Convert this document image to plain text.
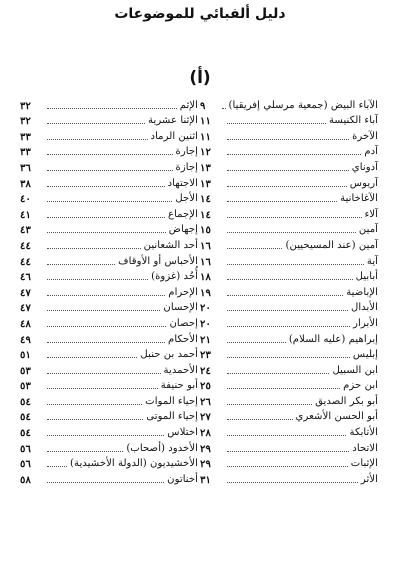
دليل ألفبائي للموضوعات
(أ)
الآباء البيض (جمعية مرسلي إفريقيا)
٩
آباء الكنيسة
١١
الآخرة
١١
آدم
١٢
آدوناي
١٣
آريوس
١٣
الآغاخانية
١٤
آلاء
١٤
آمين
١٥
آمين (عند المسيحيين)
١٦
آية
١٦
أبابيل
١٨
الإباضية
١٩
الأبدال
٢٠
الأبرار
٢٠
إبراهيم (عليه السلام)
٢١
إبليس
٢٣
ابن السبيل
٢٤
ابن حزم
٢٥
أبو بكر الصديق
٢٦
أبو الحسن الأشعري
٢٧
الأتابكة
٢٨
الاتحاد
٢٩
الإثبات
٢٩
الأثر
٣١
الإثم
٣٢
الإثنا عشرية
٣٢
اثنين الرماد
٣٣
إجارة
٣٣
إجازة
٣٦
الاجتهاد
٣٨
الأجل
٤٠
الإجماع
٤١
إجهاض
٤٣
أحد الشعانين
٤٤
الأحباس أو الأوقاف
٤٤
أُحُد (غزوة)
٤٦
الإحرام
٤٧
الإحسان
٤٧
إحصان
٤٨
الأحكام
٤٩
أحمد بن حنبل
٥١
الأحمدية
٥٣
أبو حنيفة
٥٣
إحياء الموات
٥٤
إحياء الموتى
٥٤
اختلاس
٥٤
الأخدود (أصحاب)
٥٦
الأخشيديون (الدولة الأخشيدية)
٥٦
أخناتون
٥٨
